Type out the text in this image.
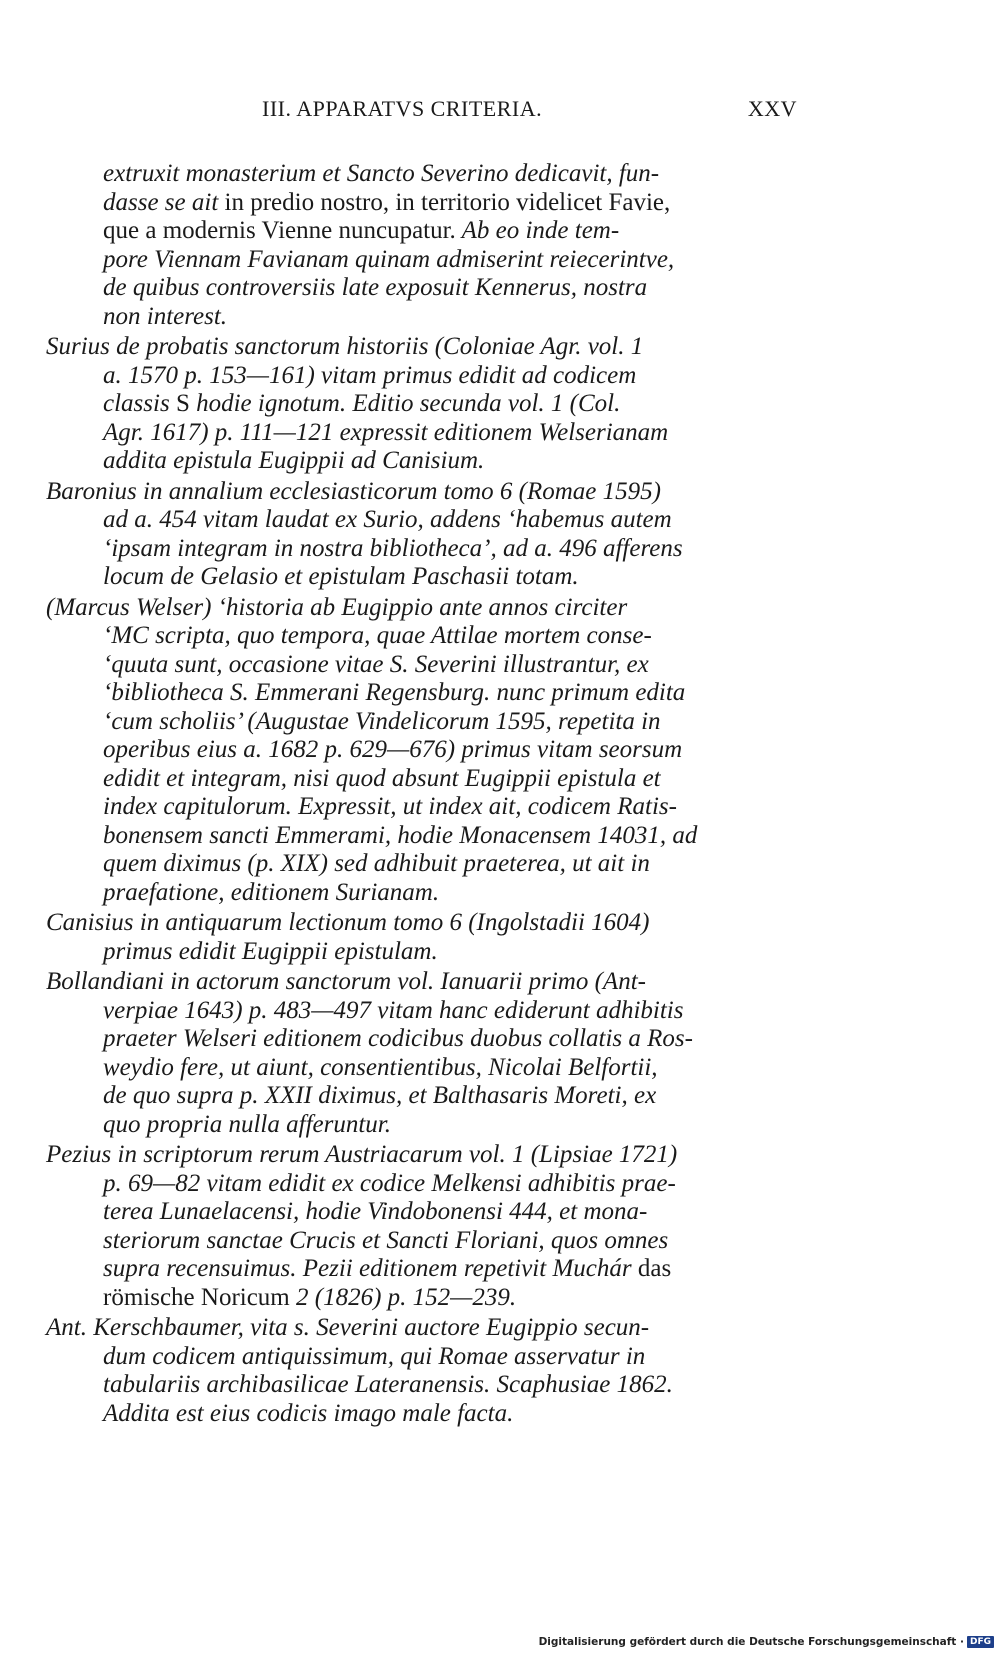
III. APPARATVS CRITERIA.	XXV
extruxit monasterium et Sancto Severino dedicavit, fun-
dasse se ait in predio nostro, in territorio videlicet Favie,
que a modernis Vienne nuncupatur. Ab eo inde tem-
pore Viennam Favianam quinam admiserint reiecerintve,
de quibus controversiis late exposuit Kennerus, nostra
non interest.
Surius de probatis sanctorum historiis (Coloniae Agr. vol. 1
a. 1570 p. 153—161) vitam primus edidit ad codicem
classis S hodie ignotum. Editio secunda vol. 1 (Col.
Agr. 1617) p. 111—121 expressit editionem Welserianam
addita epistula Eugippii ad Canisium.
Baronius in annalium ecclesiasticorum tomo 6 (Romae 1595)
ad a. 454 vitam laudat ex Surio, addens ‘habemus autem
‘ipsam integram in nostra bibliotheca’, ad a. 496 afferens
locum de Gelasio et epistulam Paschasii totam.
(Marcus Welser) ‘historia ab Eugippio ante annos circiter
‘MC scripta, quo tempora, quae Attilae mortem conse-
‘quuta sunt, occasione vitae S. Severini illustrantur, ex
‘bibliotheca S. Emmerani Regensburg. nunc primum edita
‘cum scholiis’ (Augustae Vindelicorum 1595, repetita in
operibus eius a. 1682 p. 629—676) primus vitam seorsum
edidit et integram, nisi quod absunt Eugippii epistula et
index capitulorum. Expressit, ut index ait, codicem Ratis-
bonensem sancti Emmerami, hodie Monacensem 14031, ad
quem diximus (p. XIX) sed adhibuit praeterea, ut ait in
praefatione, editionem Surianam.
Canisius in antiquarum lectionum tomo 6 (Ingolstadii 1604)
primus edidit Eugippii epistulam.
Bollandiani in actorum sanctorum vol. Ianuarii primo (Ant-
verpiae 1643) p. 483—497 vitam hanc ediderunt adhibitis
praeter Welseri editionem codicibus duobus collatis a Ros-
weydio fere, ut aiunt, consentientibus, Nicolai Belfortii,
de quo supra p. XXII diximus, et Balthasaris Moreti, ex
quo propria nulla afferuntur.
Pezius in scriptorum rerum Austriacarum vol. 1 (Lipsiae 1721)
p. 69—82 vitam edidit ex codice Melkensi adhibitis prae-
terea Lunaelacensi, hodie Vindobonensi 444, et mona-
steriorum sanctae Crucis et Sancti Floriani, quos omnes
supra recensuimus. Pezii editionem repetivit Muchár das
römische Noricum 2 (1826) p. 152—239.
Ant. Kerschbaumer, vita s. Severini auctore Eugippio secun-
dum codicem antiquissimum, qui Romae asservatur in
tabulariis archibasilicae Lateranensis. Scaphusiae 1862.
Addita est eius codicis imago male facta.
Digitalisierung gefördert durch die Deutsche Forschungsgemeinschaft · DFG
